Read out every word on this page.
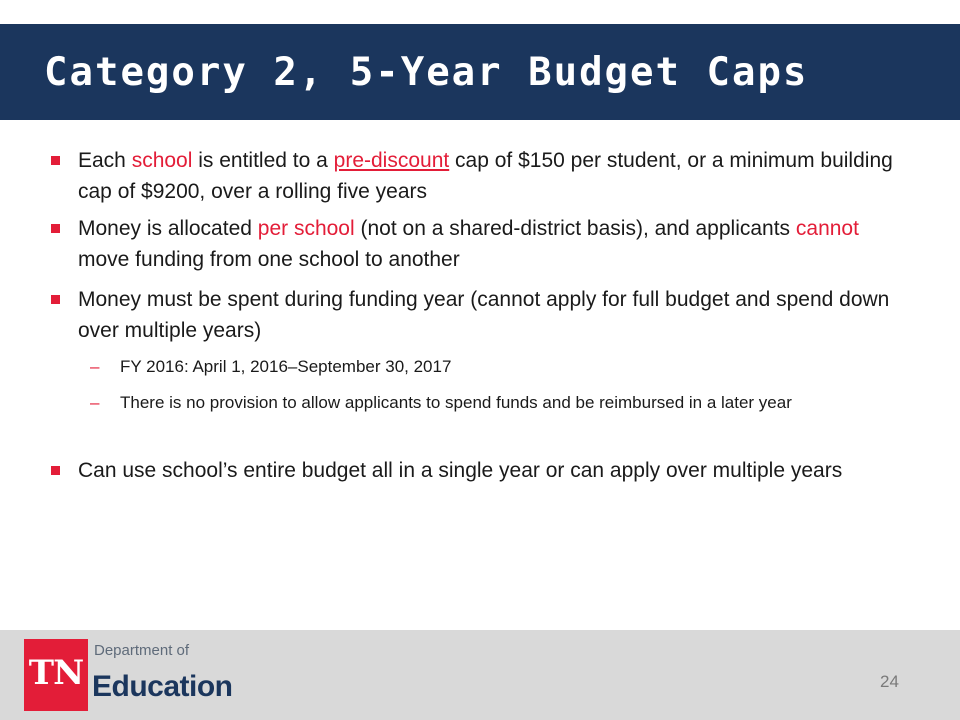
Category 2, 5-Year Budget Caps
Each school is entitled to a pre-discount cap of $150 per student, or a minimum building cap of $9200, over a rolling five years
Money is allocated per school (not on a shared-district basis), and applicants cannot move funding from one school to another
Money must be spent during funding year (cannot apply for full budget and spend down over multiple years)
– FY 2016: April 1, 2016–September 30, 2017
– There is no provision to allow applicants to spend funds and be reimbursed in a later year
Can use school’s entire budget all in a single year or can apply over multiple years
TN
Department of
Education	24
